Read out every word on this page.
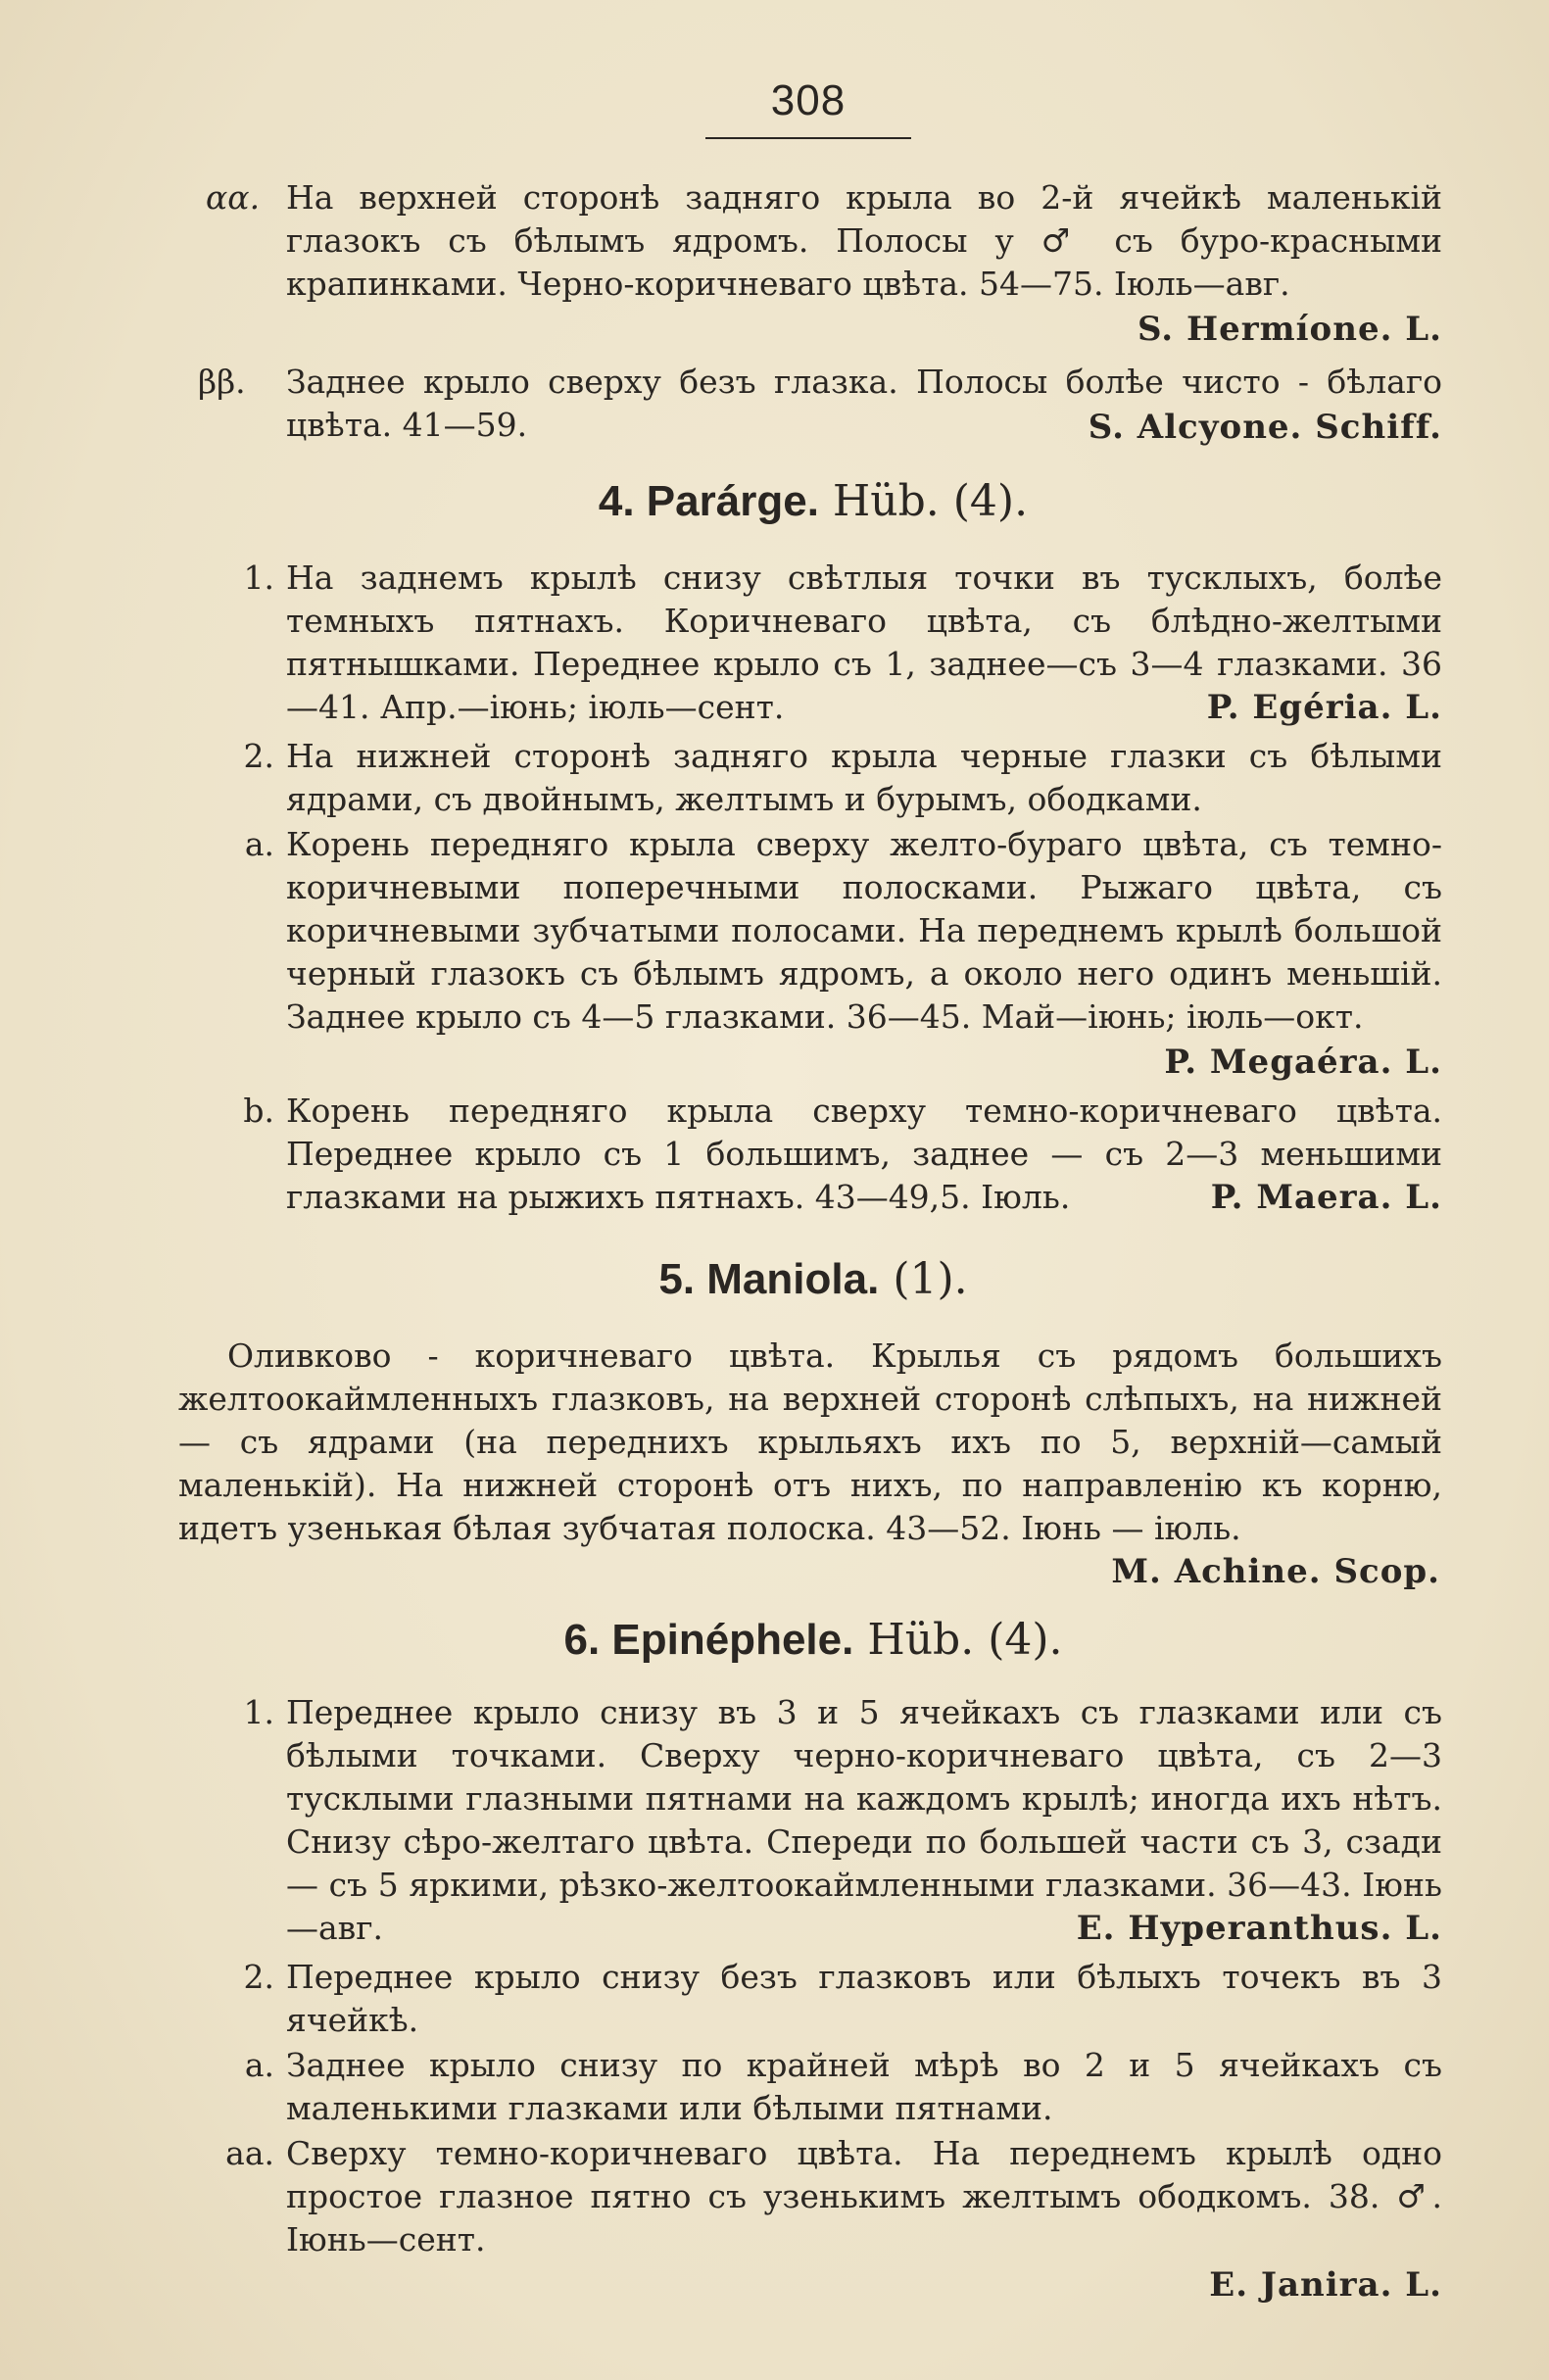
308
αα. На верхней сторонѣ задняго крыла во 2-й ячейкѣ маленькій глазокъ съ бѣлымъ ядромъ. Полосы у ♂ съ буро-красными крапинками. Черно-коричневаго цвѣта. 54—75. Іюль—авг.
S. Hermíone. L.
ββ.	Заднее крыло сверху безъ глазка. Полосы болѣе чисто - бѣлаго цвѣта. 41—59.	S. Alcyone. Schiff.
4. Parárge. Hüb. (4).
1. На заднемъ крылѣ снизу свѣтлыя точки въ тусклыхъ, болѣе темныхъ пятнахъ. Коричневаго цвѣта, съ блѣдно-желтыми пятнышками. Переднее крыло съ 1, заднее—съ 3—4 глазками. 36—41. Апр.—іюнь; іюль—сент.	P. Egéria. L.
2. На нижней сторонѣ задняго крыла черные глазки съ бѣлыми ядрами, съ двойнымъ, желтымъ и бурымъ, ободками.
a. Корень передняго крыла сверху желто-бураго цвѣта, съ темно-коричневыми поперечными полосками. Рыжаго цвѣта, съ коричневыми зубчатыми полосами. На переднемъ крылѣ большой черный глазокъ съ бѣлымъ ядромъ, а около него одинъ меньшій. Заднее крыло съ 4—5 глазками. 36—45. Май—іюнь; іюль—окт.
P. Megaéra. L.
b. Корень передняго крыла сверху темно-коричневаго цвѣта. Переднее крыло съ 1 большимъ, заднее — съ 2—3 меньшими глазками на рыжихъ пятнахъ. 43—49,5. Іюль.	P. Maera. L.
5. Maniola. (1).
Оливково - коричневаго цвѣта. Крылья съ рядомъ большихъ желтоокаймленныхъ глазковъ, на верхней сторонѣ слѣпыхъ, на нижней — съ ядрами (на переднихъ крыльяхъ ихъ по 5, верхній—самый маленькій). На нижней сторонѣ отъ нихъ, по направленію къ корню, идетъ узенькая бѣлая зубчатая полоска. 43—52. Іюнь — іюль.
M. Achine. Scop.
6. Epinéphele. Hüb. (4).
1. Переднее крыло снизу въ 3 и 5 ячейкахъ съ глазками или съ бѣлыми точками. Сверху черно-коричневаго цвѣта, съ 2—3 тусклыми глазными пятнами на каждомъ крылѣ; иногда ихъ нѣтъ. Снизу сѣро-желтаго цвѣта. Спереди по большей части съ 3, сзади — съ 5 яркими, рѣзко-желтоокаймленными глазками. 36—43. Іюнь—авг.	E. Hyperanthus. L.
2. Переднее крыло снизу безъ глазковъ или бѣлыхъ точекъ въ 3 ячейкѣ.
a. Заднее крыло снизу по крайней мѣрѣ во 2 и 5 ячейкахъ съ маленькими глазками или бѣлыми пятнами.
aa. Сверху темно-коричневаго цвѣта. На переднемъ крылѣ одно простое глазное пятно съ узенькимъ желтымъ ободкомъ. 38. ♂. Іюнь—сент.
E. Janira. L.
